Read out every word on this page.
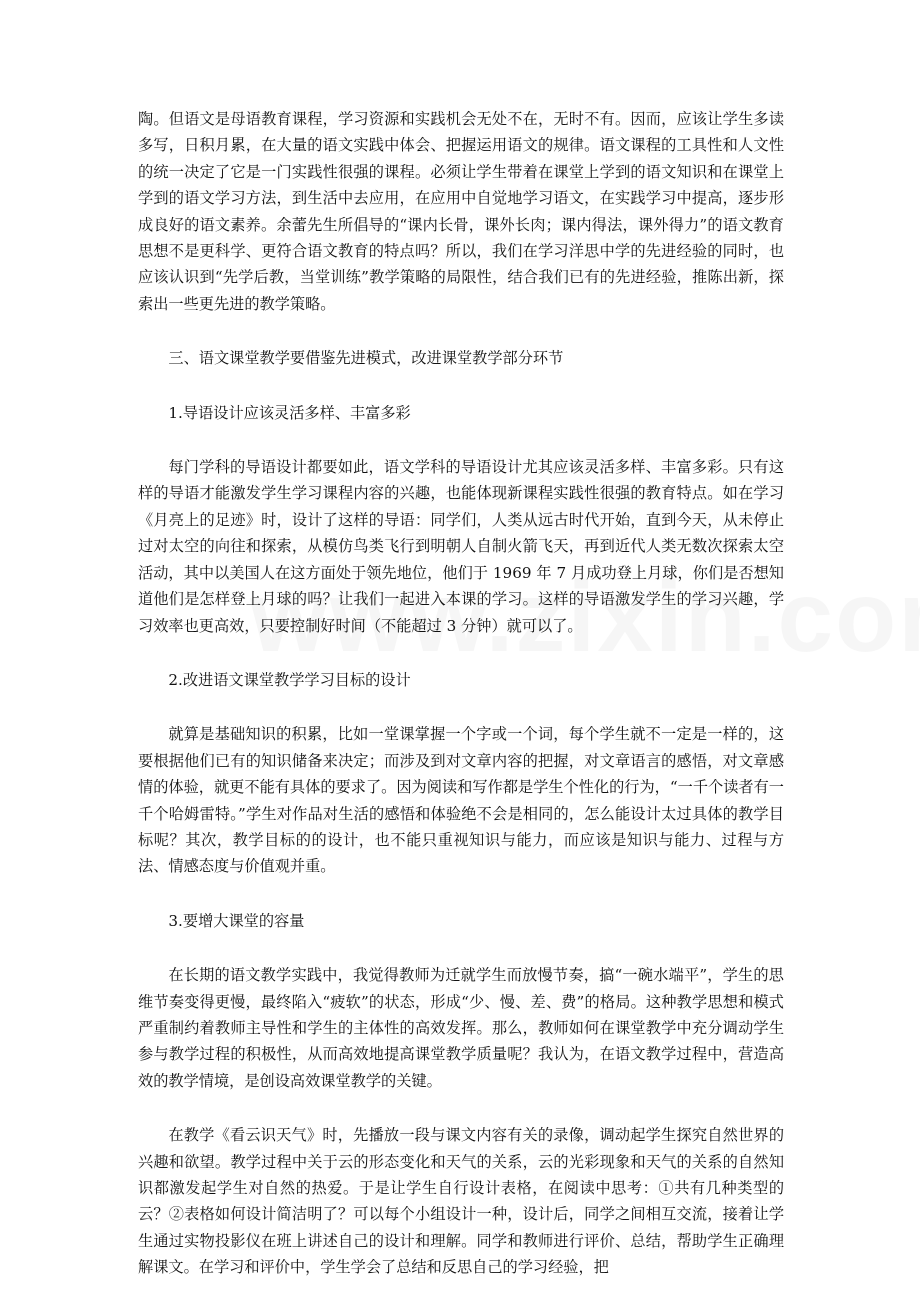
陶。但语文是母语教育课程，学习资源和实践机会无处不在，无时不有。因而，应该让学生多读多写，日积月累，在大量的语文实践中体会、把握运用语文的规律。语文课程的工具性和人文性的统一决定了它是一门实践性很强的课程。必须让学生带着在课堂上学到的语文知识和在课堂上学到的语文学习方法，到生活中去应用，在应用中自觉地学习语文，在实践学习中提高，逐步形成良好的语文素养。余蕾先生所倡导的“课内长骨，课外长肉；课内得法，课外得力”的语文教育思想不是更科学、更符合语文教育的特点吗？所以，我们在学习洋思中学的先进经验的同时，也应该认识到“先学后教，当堂训练”教学策略的局限性，结合我们已有的先进经验，推陈出新，探索出一些更先进的教学策略。

三、语文课堂教学要借鉴先进模式，改进课堂教学部分环节

1.导语设计应该灵活多样、丰富多彩

每门学科的导语设计都要如此，语文学科的导语设计尤其应该灵活多样、丰富多彩。只有这样的导语才能激发学生学习课程内容的兴趣，也能体现新课程实践性很强的教育特点。如在学习《月亮上的足迹》时，设计了这样的导语：同学们，人类从远古时代开始，直到今天，从未停止过对太空的向往和探索，从模仿鸟类飞行到明朝人自制火箭飞天，再到近代人类无数次探索太空活动，其中以美国人在这方面处于领先地位，他们于 1969 年 7 月成功登上月球，你们是否想知道他们是怎样登上月球的吗？让我们一起进入本课的学习。这样的导语激发学生的学习兴趣，学习效率也更高效，只要控制好时间（不能超过 3 分钟）就可以了。

2.改进语文课堂教学学习目标的设计

就算是基础知识的积累，比如一堂课掌握一个字或一个词，每个学生就不一定是一样的，这要根据他们已有的知识储备来决定；而涉及到对文章内容的把握，对文章语言的感悟，对文章感情的体验，就更不能有具体的要求了。因为阅读和写作都是学生个性化的行为，“一千个读者有一千个哈姆雷特。”学生对作品对生活的感悟和体验绝不会是相同的，怎么能设计太过具体的教学目标呢？其次，教学目标的的设计，也不能只重视知识与能力，而应该是知识与能力、过程与方法、情感态度与价值观并重。

3.要增大课堂的容量

在长期的语文教学实践中，我觉得教师为迁就学生而放慢节奏，搞“一碗水端平”，学生的思维节奏变得更慢，最终陷入“疲软”的状态，形成“少、慢、差、费”的格局。这种教学思想和模式严重制约着教师主导性和学生的主体性的高效发挥。那么，教师如何在课堂教学中充分调动学生参与教学过程的积极性，从而高效地提高课堂教学质量呢？我认为，在语文教学过程中，营造高效的教学情境，是创设高效课堂教学的关键。

在教学《看云识天气》时，先播放一段与课文内容有关的录像，调动起学生探究自然世界的兴趣和欲望。教学过程中关于云的形态变化和天气的关系，云的光彩现象和天气的关系的自然知识都激发起学生对自然的热爱。于是让学生自行设计表格，在阅读中思考：①共有几种类型的云？②表格如何设计简洁明了？可以每个小组设计一种，设计后，同学之间相互交流，接着让学生通过实物投影仪在班上讲述自己的设计和理解。同学和教师进行评价、总结，帮助学生正确理解课文。在学习和评价中，学生学会了总结和反思自己的学习经验，把
